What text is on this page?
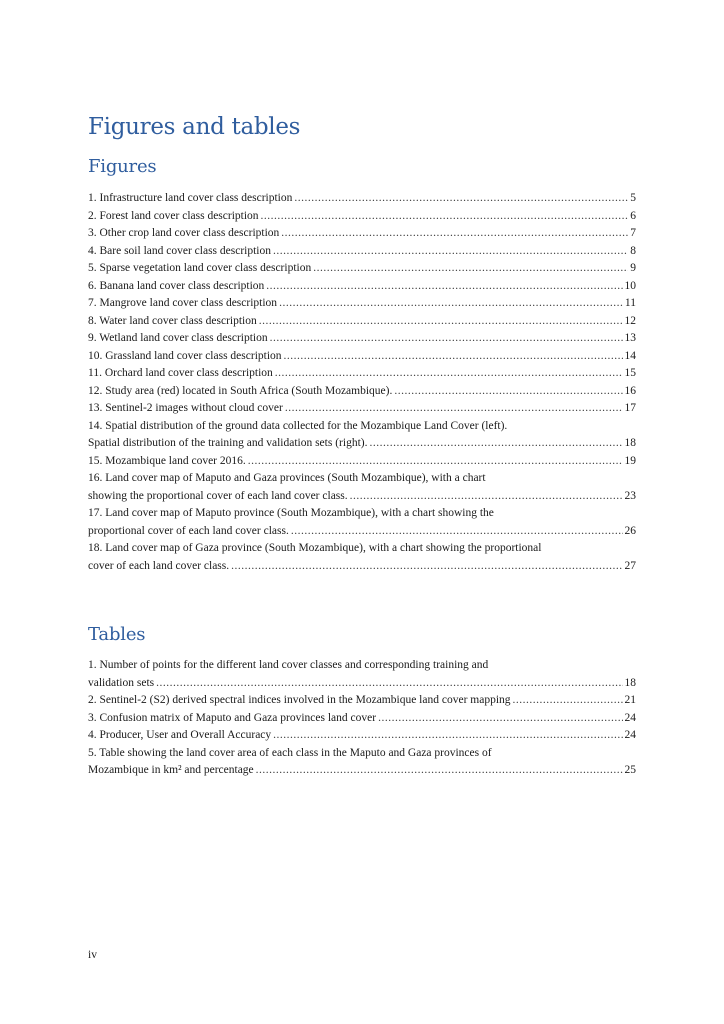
Figures and tables
Figures
1. Infrastructure land cover class description .....	5
2. Forest land cover class description .....	6
3. Other crop land cover class description .....	7
4. Bare soil land cover class description .....	8
5. Sparse vegetation land cover class description .....	9
6. Banana land cover class description .....	10
7. Mangrove land cover class description .....	11
8. Water land cover class description .....	12
9. Wetland land cover class description .....	13
10. Grassland land cover class description .....	14
11. Orchard land cover class description .....	15
12. Study area (red) located in South Africa (South Mozambique). .....	16
13. Sentinel-2 images without cloud cover .....	17
14. Spatial distribution of the ground data collected for the Mozambique Land Cover (left).
Spatial distribution of the training and validation sets (right). .....	18
15. Mozambique land cover 2016. .....	19
16. Land cover map of Maputo and Gaza provinces (South Mozambique), with a chart
showing the proportional cover of each land cover class. .....	23
17. Land cover map of Maputo province (South Mozambique), with a chart showing the
proportional cover of each land cover class. .....	26
18. Land cover map of Gaza province (South Mozambique), with a chart showing the proportional
cover of each land cover class. .....	27
Tables
1. Number of points for the different land cover classes and corresponding training and
validation sets .....	18
2. Sentinel-2 (S2) derived spectral indices involved in the Mozambique land cover mapping .....	21
3. Confusion matrix of Maputo and Gaza provinces land cover .....	24
4. Producer, User and Overall Accuracy .....	24
5. Table showing the land cover area of each class in the Maputo and Gaza provinces of
Mozambique in km² and percentage .....	25
iv
